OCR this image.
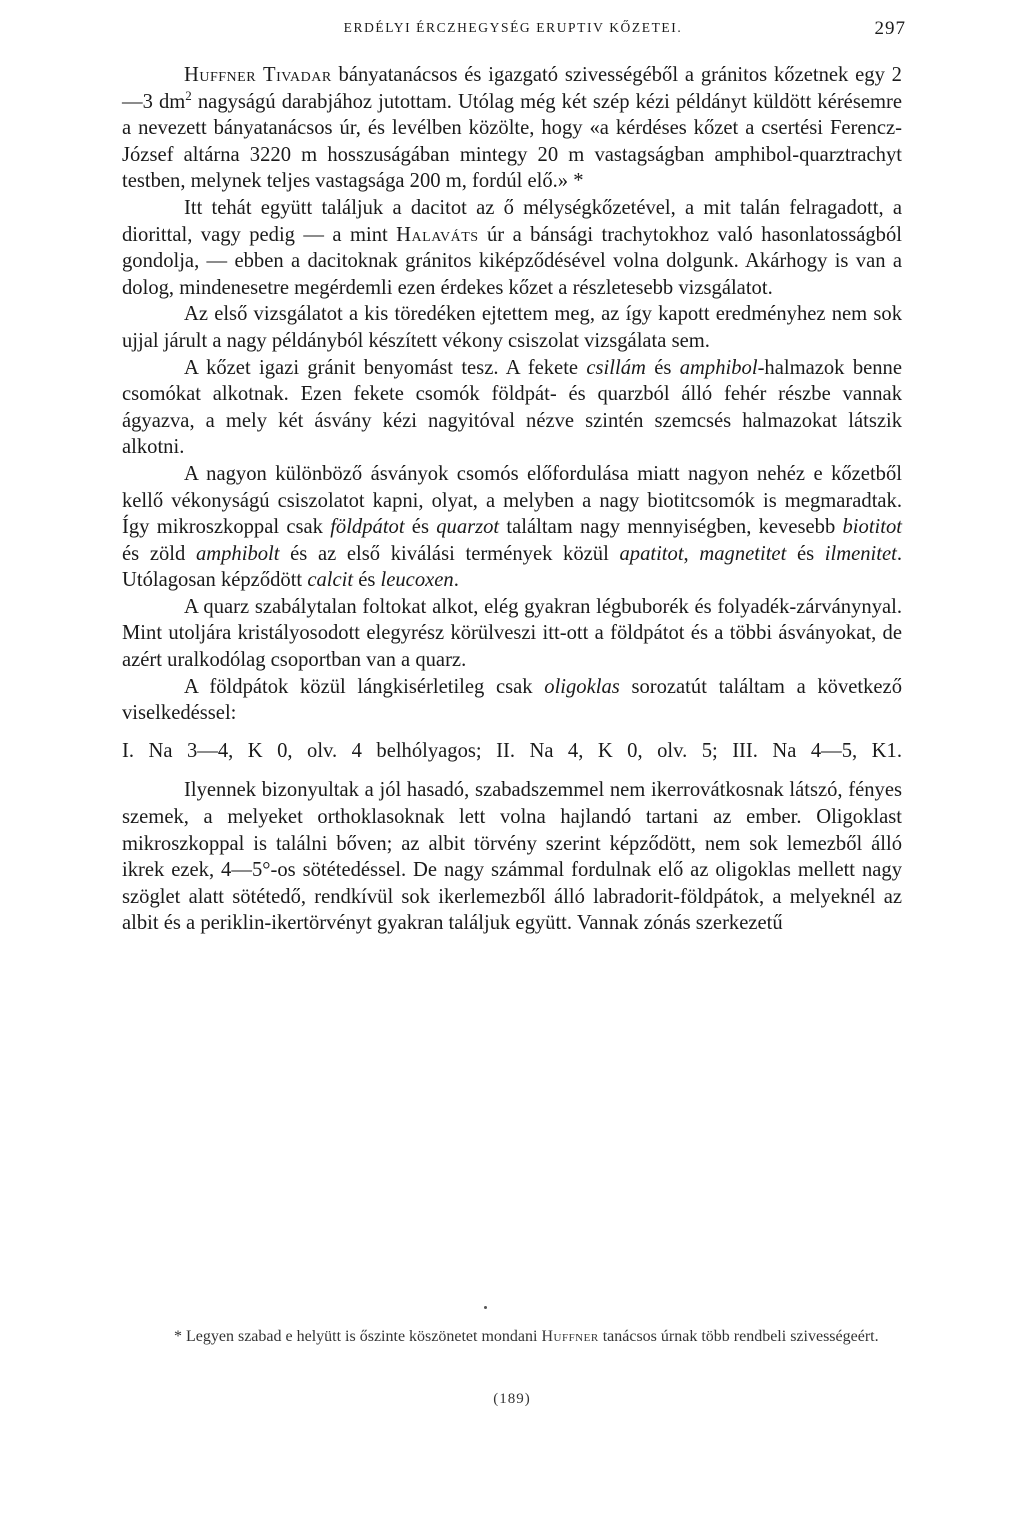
ERDÉLYI ÉRCZHEGYSÉG ERUPTIV KŐZETEI.	297

Huffner Tivadar bányatanácsos és igazgató szivességéből a gránitos kőzetnek egy 2—3 $dm^2$ nagyságú darabjához jutottam. Utólag még két szép kézi példányt küldött kérésemre a nevezett bányatanácsos úr, és levélben közölte, hogy «a kérdéses kőzet a csertési Ferencz-József altárna 3220 m hosszuságában mintegy 20 m vastagságban amphibol-quarztrachyt testben, melynek teljes vastagsága 200 m, fordúl elő.» *

Itt tehát együtt találjuk a dacitot az ő mélységkőzetével, a mit talán felragadott, a diorittal, vagy pedig — a mint Halaváts úr a bánsági trachytokhoz való hasonlatosságból gondolja, — ebben a dacitoknak gránitos kiképződésével volna dolgunk. Akárhogy is van a dolog, mindenesetre megérdemli ezen érdekes kőzet a részletesebb vizsgálatot.

Az első vizsgálatot a kis töredéken ejtettem meg, az így kapott eredményhez nem sok ujjal járult a nagy példányból készített vékony csiszolat vizsgálata sem.

A kőzet igazi gránit benyomást tesz. A fekete csillám és amphibol-halmazok benne csomókat alkotnak. Ezen fekete csomók földpát- és quarzból álló fehér részbe vannak ágyazva, a mely két ásvány kézi nagyitóval nézve szintén szemcsés halmazokat látszik alkotni.

A nagyon különböző ásványok csomós előfordulása miatt nagyon nehéz e kőzetből kellő vékonyságú csiszolatot kapni, olyat, a melyben a nagy biotitcsomók is megmaradtak. Így mikroszkoppal csak földpátot és quarzot találtam nagy mennyiségben, kevesebb biotitot és zöld amphibolt és az első kiválási termények közül apatitot, magnetitet és ilmenitet. Utólagosan képződött calcit és leucoxen.

A quarz szabálytalan foltokat alkot, elég gyakran légbuborék és folyadék-zárványnyal. Mint utoljára kristályosodott elegyrész körülveszi itt-ott a földpátot és a többi ásványokat, de azért uralkodólag csoportban van a quarz.

A földpátok közül lángkisérletileg csak oligoklas sorozatút találtam a következő viselkedéssel:

I. Na 3—4, K 0, olv. 4 belhólyagos; II. Na 4, K 0, olv. 5; III. Na 4—5, K1.

Ilyennek bizonyultak a jól hasadó, szabadszemmel nem ikerrovátkosnak látszó, fényes szemek, a melyeket orthoklasoknak lett volna hajlandó tartani az ember. Oligoklast mikroszkoppal is találni bőven; az albit törvény szerint képződött, nem sok lemezből álló ikrek ezek, 4—5°-os sötétedéssel. De nagy számmal fordulnak elő az oligoklas mellett nagy szöglet alatt sötétedő, rendkívül sok ikerlemezből álló labradorit-földpátok, a melyeknél az albit és a periklin-ikertörvényt gyakran találjuk együtt. Vannak zónás szerkezetű

* Legyen szabad e helyütt is őszinte köszönetet mondani Huffner tanácsos úrnak több rendbeli szivességeért.

(189)
